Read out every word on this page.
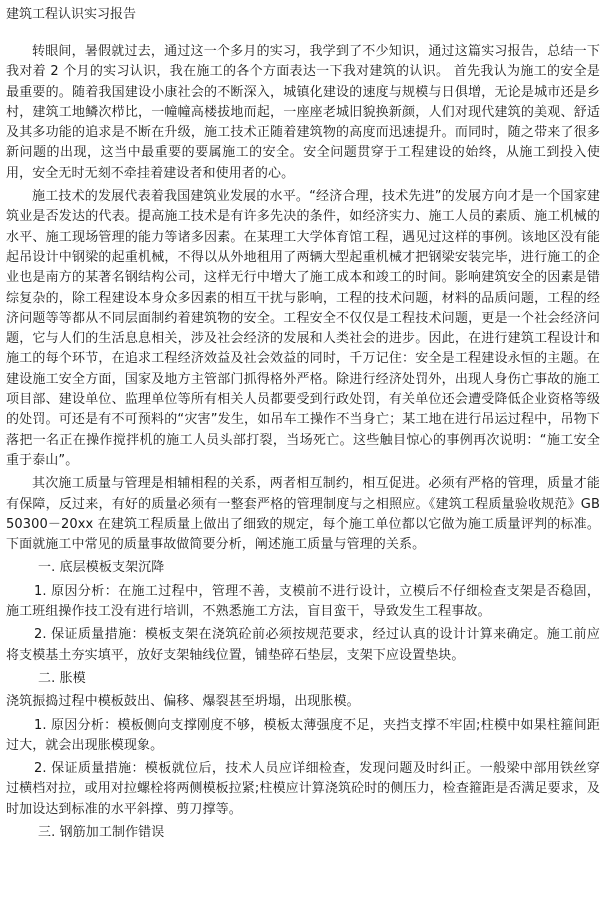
建筑工程认识实习报告

转眼间，暑假就过去，通过这一个多月的实习，我学到了不少知识，通过这篇实习报告，总结一下我对着 2 个月的实习认识，我在施工的各个方面表达一下我对建筑的认识。 首先我认为施工的安全是最重要的。随着我国建设小康社会的不断深入，城镇化建设的速度与规模与日俱增，无论是城市还是乡村，建筑工地鳞次栉比，一幢幢高楼拔地而起，一座座老城旧貌换新颜，人们对现代建筑的美观、舒适及其多功能的追求是不断在升级，施工技术正随着建筑物的高度而迅速提升。而同时，随之带来了很多新问题的出现，这当中最重要的要属施工的安全。安全问题贯穿于工程建设的始终，从施工到投入使用，安全无时无刻不牵挂着建设者和使用者的心。

施工技术的发展代表着我国建筑业发展的水平。“经济合理，技术先进”的发展方向才是一个国家建筑业是否发达的代表。提高施工技术是有许多先决的条件，如经济实力、施工人员的素质、施工机械的水平、施工现场管理的能力等诸多因素。在某理工大学体育馆工程，遇见过这样的事例。该地区没有能起吊设计中钢梁的起重机械，不得以从外地租用了两辆大型起重机械才把钢梁安装完毕，进行施工的企业也是南方的某著名钢结构公司，这样无行中增大了施工成本和竣工的时间。影响建筑安全的因素是错综复杂的，除工程建设本身众多因素的相互干扰与影响，工程的技术问题，材料的品质问题，工程的经济问题等等都从不同层面制约着建筑物的安全。工程安全不仅仅是工程技术问题，更是一个社会经济问题，它与人们的生活息息相关，涉及社会经济的发展和人类社会的进步。因此，在进行建筑工程设计和施工的每个环节，在追求工程经济效益及社会效益的同时，千万记住：安全是工程建设永恒的主题。在建设施工安全方面，国家及地方主管部门抓得格外严格。除进行经济处罚外，出现人身伤亡事故的施工项目部、建设单位、监理单位等所有相关人员都要受到行政处罚，有关单位还会遭受降低企业资格等级的处罚。可还是有不可预料的“灾害”发生，如吊车工操作不当身亡；某工地在进行吊运过程中，吊物下落把一名正在操作搅拌机的施工人员头部打裂，当场死亡。这些触目惊心的事例再次说明：“施工安全重于泰山”。

其次施工质量与管理是相辅相程的关系，两者相互制约，相互促进。必须有严格的管理，质量才能有保障，反过来，有好的质量必须有一整套严格的管理制度与之相照应。《建筑工程质量验收规范》GB50300－20xx 在建筑工程质量上做出了细致的规定，每个施工单位都以它做为施工质量评判的标准。下面就施工中常见的质量事故做简要分析，阐述施工质量与管理的关系。

一. 底层模板支架沉降

1. 原因分析：在施工过程中，管理不善，支模前不进行设计，立模后不仔细检查支架是否稳固，施工班组操作技工没有进行培训，不熟悉施工方法，盲目蛮干，导致发生工程事故。

2. 保证质量措施：模板支架在浇筑砼前必须按规范要求，经过认真的设计计算来确定。施工前应将支模基土夯实填平，放好支架轴线位置，铺垫碎石垫层，支架下应设置垫块。

二. 胀模

浇筑振捣过程中模板鼓出、偏移、爆裂甚至坍塌，出现胀模。

1. 原因分析：模板侧向支撑刚度不够，模板太薄强度不足，夹挡支撑不牢固;柱模中如果柱箍间距过大，就会出现胀模现象。

2. 保证质量措施：模板就位后，技术人员应详细检查，发现问题及时纠正。一般梁中部用铁丝穿过横档对拉，或用对拉螺栓将两侧模板拉紧;柱模应计算浇筑砼时的侧压力，检查箍距是否满足要求，及时加设达到标准的水平斜撑、剪刀撑等。

三. 钢筋加工制作错误
